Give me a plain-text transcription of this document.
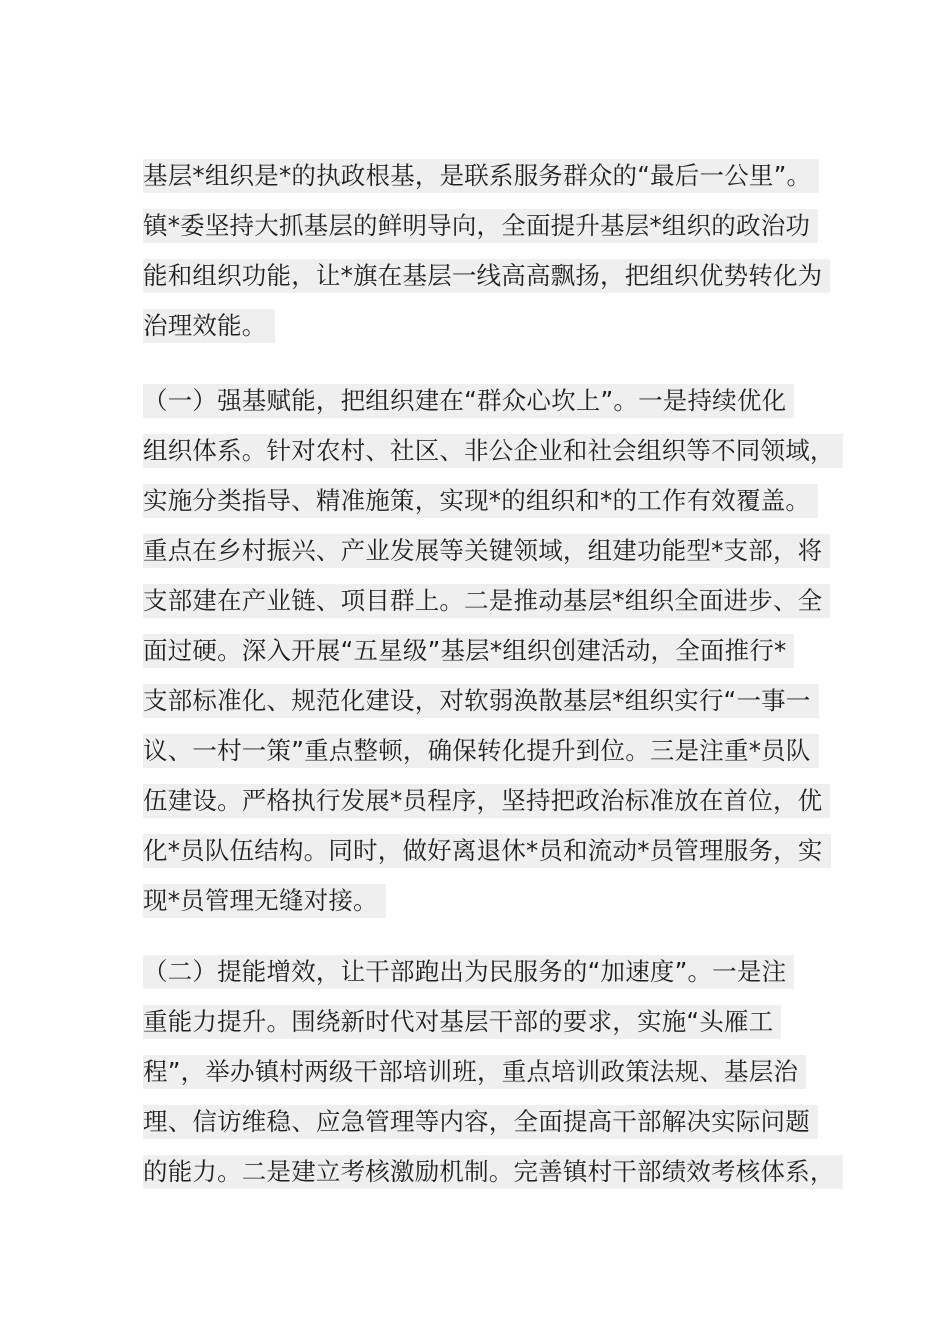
基层*组织是*的执政根基，是联系服务群众的“最后一公里”。
镇*委坚持大抓基层的鲜明导向，全面提升基层*组织的政治功
能和组织功能，让*旗在基层一线高高飘扬，把组织优势转化为
治理效能。
（一）强基赋能，把组织建在“群众心坎上”。一是持续优化
组织体系。针对农村、社区、非公企业和社会组织等不同领域，
实施分类指导、精准施策，实现*的组织和*的工作有效覆盖。
重点在乡村振兴、产业发展等关键领域，组建功能型*支部，将
支部建在产业链、项目群上。二是推动基层*组织全面进步、全
面过硬。深入开展“五星级”基层*组织创建活动，全面推行*
支部标准化、规范化建设，对软弱涣散基层*组织实行“一事一
议、一村一策”重点整顿，确保转化提升到位。三是注重*员队
伍建设。严格执行发展*员程序，坚持把政治标准放在首位，优
化*员队伍结构。同时，做好离退休*员和流动*员管理服务，实
现*员管理无缝对接。
（二）提能增效，让干部跑出为民服务的“加速度”。一是注
重能力提升。围绕新时代对基层干部的要求，实施“头雁工
程”，举办镇村两级干部培训班，重点培训政策法规、基层治
理、信访维稳、应急管理等内容，全面提高干部解决实际问题
的能力。二是建立考核激励机制。完善镇村干部绩效考核体系，
